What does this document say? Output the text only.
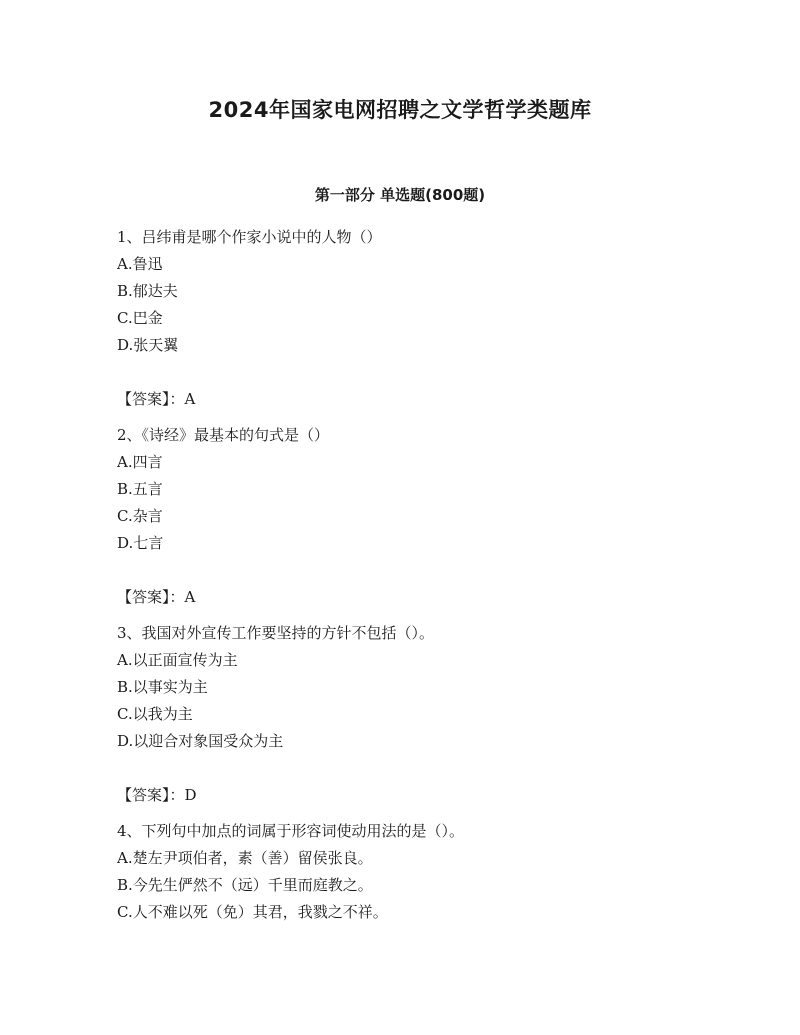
2024年国家电网招聘之文学哲学类题库
第一部分 单选题(800题)
1、吕纬甫是哪个作家小说中的人物（）
A.鲁迅
B.郁达夫
C.巴金
D.张天翼
【答案】：A
2、《诗经》最基本的句式是（）
A.四言
B.五言
C.杂言
D.七言
【答案】：A
3、我国对外宣传工作要坚持的方针不包括（）。
A.以正面宣传为主
B.以事实为主
C.以我为主
D.以迎合对象国受众为主
【答案】：D
4、下列句中加点的词属于形容词使动用法的是（）。
A.楚左尹项伯者，素（善）留侯张良。
B.今先生俨然不（远）千里而庭教之。
C.人不难以死（免）其君，我戮之不祥。
